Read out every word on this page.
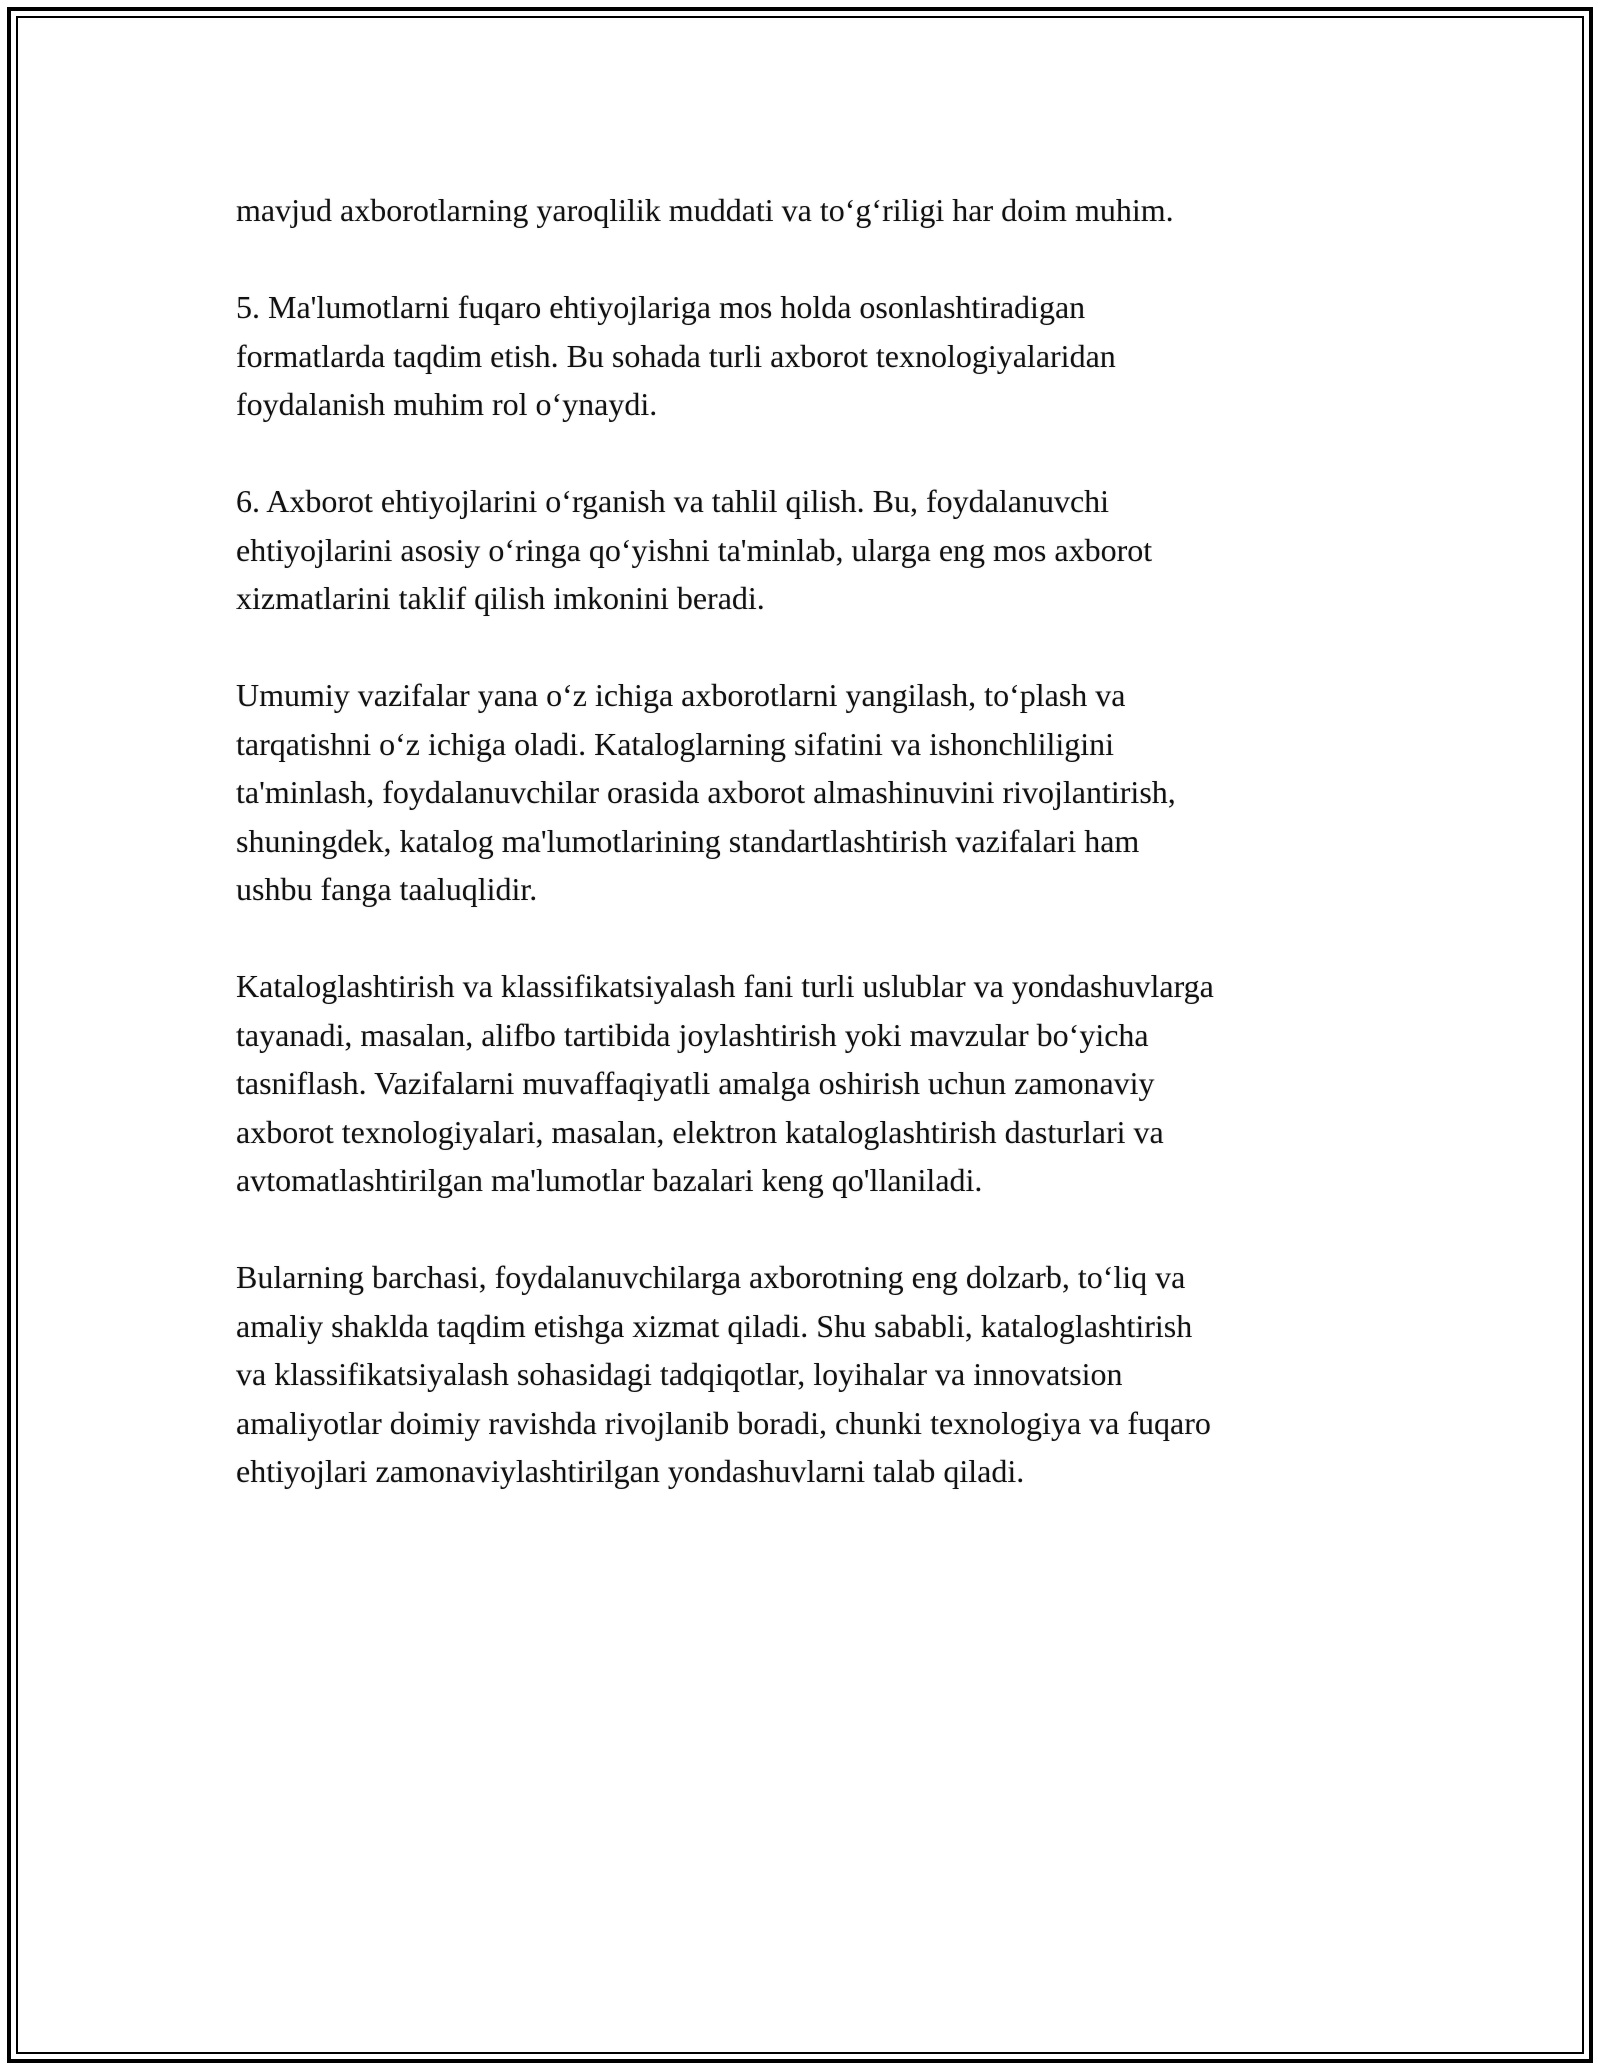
mavjud axborotlarning yaroqlilik muddati va to‘g‘riligi har doim muhim.
5. Ma'lumotlarni fuqaro ehtiyojlariga mos holda osonlashtiradigan
formatlarda taqdim etish. Bu sohada turli axborot texnologiyalaridan
foydalanish muhim rol o‘ynaydi.
6. Axborot ehtiyojlarini o‘rganish va tahlil qilish. Bu, foydalanuvchi
ehtiyojlarini asosiy o‘ringa qo‘yishni ta'minlab, ularga eng mos axborot
xizmatlarini taklif qilish imkonini beradi.
Umumiy vazifalar yana o‘z ichiga axborotlarni yangilash, to‘plash va
tarqatishni o‘z ichiga oladi. Kataloglarning sifatini va ishonchliligini
ta'minlash, foydalanuvchilar orasida axborot almashinuvini rivojlantirish,
shuningdek, katalog ma'lumotlarining standartlashtirish vazifalari ham
ushbu fanga taaluqlidir.
Kataloglashtirish va klassifikatsiyalash fani turli uslublar va yondashuvlarga
tayanadi, masalan, alifbo tartibida joylashtirish yoki mavzular bo‘yicha
tasniflash. Vazifalarni muvaffaqiyatli amalga oshirish uchun zamonaviy
axborot texnologiyalari, masalan, elektron kataloglashtirish dasturlari va
avtomatlashtirilgan ma'lumotlar bazalari keng qo'llaniladi.
Bularning barchasi, foydalanuvchilarga axborotning eng dolzarb, to‘liq va
amaliy shaklda taqdim etishga xizmat qiladi. Shu sababli, kataloglashtirish
va klassifikatsiyalash sohasidagi tadqiqotlar, loyihalar va innovatsion
amaliyotlar doimiy ravishda rivojlanib boradi, chunki texnologiya va fuqaro
ehtiyojlari zamonaviylashtirilgan yondashuvlarni talab qiladi.
